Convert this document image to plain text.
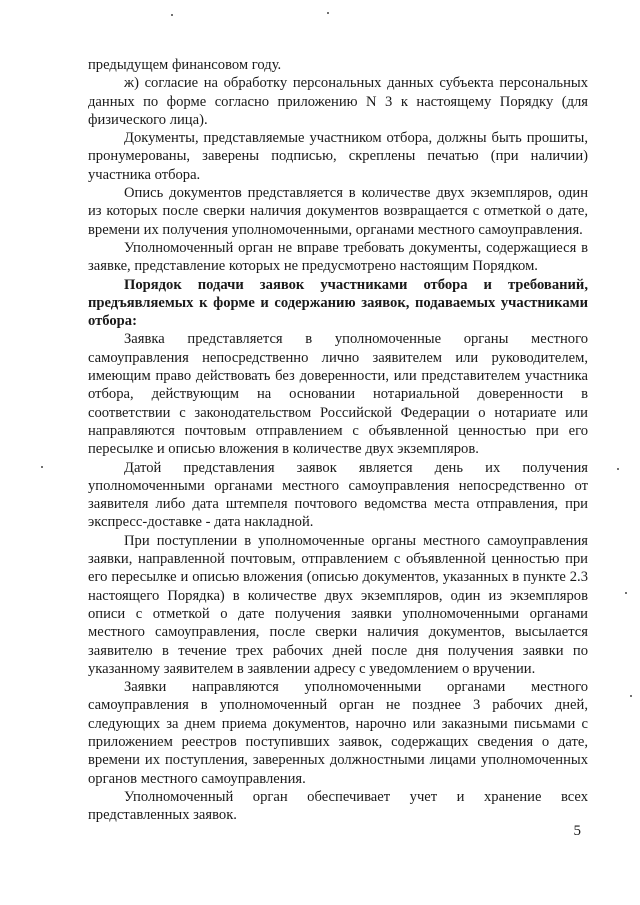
предыдущем финансовом году.

ж) согласие на обработку персональных данных субъекта персональных данных по форме согласно приложению N 3 к настоящему Порядку (для физического лица).

Документы, представляемые участником отбора, должны быть прошиты, пронумерованы, заверены подписью, скреплены печатью (при наличии) участника отбора.

Опись документов представляется в количестве двух экземпляров, один из которых после сверки наличия документов возвращается с отметкой о дате, времени их получения уполномоченными, органами местного самоуправления.

Уполномоченный орган не вправе требовать документы, содержащиеся в заявке, представление которых не предусмотрено настоящим Порядком.

Порядок подачи заявок участниками отбора и требований, предъявляемых к форме и содержанию заявок, подаваемых участниками отбора:

Заявка представляется в уполномоченные органы местного самоуправления непосредственно лично заявителем или руководителем, имеющим право действовать без доверенности, или представителем участника отбора, действующим на основании нотариальной доверенности в соответствии с законодательством Российской Федерации о нотариате или направляются почтовым отправлением с объявленной ценностью при его пересылке и описью вложения в количестве двух экземпляров.

Датой представления заявок является день их получения уполномоченными органами местного самоуправления непосредственно от заявителя либо дата штемпеля почтового ведомства места отправления, при экспресс-доставке - дата накладной.

При поступлении в уполномоченные органы местного самоуправления заявки, направленной почтовым, отправлением с объявленной ценностью при его пересылке и описью вложения (описью документов, указанных в пункте 2.3 настоящего Порядка) в количестве двух экземпляров, один из экземпляров описи с отметкой о дате получения заявки уполномоченными органами местного самоуправления, после сверки наличия документов, высылается заявителю в течение трех рабочих дней после дня получения заявки по указанному заявителем в заявлении адресу с уведомлением о вручении.

Заявки направляются уполномоченными органами местного самоуправления в уполномоченный орган не позднее 3 рабочих дней, следующих за днем приема документов, нарочно или заказными письмами с приложением реестров поступивших заявок, содержащих сведения о дате, времени их поступления, заверенных должностными лицами уполномоченных органов местного самоуправления.

Уполномоченный орган обеспечивает учет и хранение всех представленных заявок.

5
